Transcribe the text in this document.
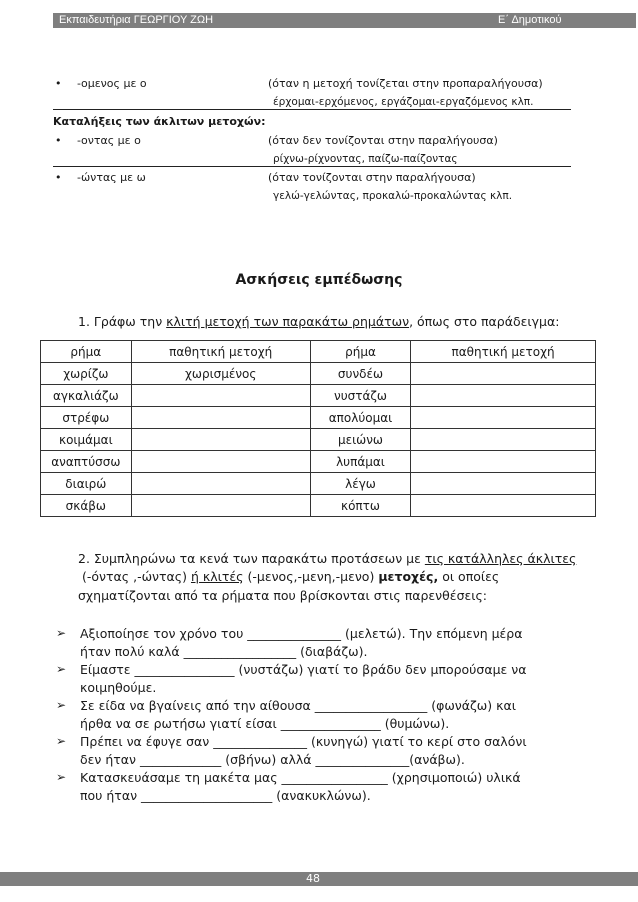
Εκπαιδευτήρια ΓΕΩΡΓΙΟΥ ΖΩΗ	Ε΄ Δημοτικού
• -ομενος με ο	(όταν η μετοχή τονίζεται στην προπαραλήγουσα)
έρχομαι-ερχόμενος, εργάζομαι-εργαζόμενος κλπ.
Καταλήξεις των άκλιτων μετοχών:
• -οντας με ο	(όταν δεν τονίζονται στην παραλήγουσα)
ρίχνω-ρίχνοντας, παίζω-παίζοντας
• -ώντας με ω	(όταν τονίζονται στην παραλήγουσα)
γελώ-γελώντας, προκαλώ-προκαλώντας κλπ.
Ασκήσεις εμπέδωσης
1. Γράφω την κλιτή μετοχή των παρακάτω ρημάτων, όπως στο παράδειγμα:
ρήμα	παθητική μετοχή	ρήμα	παθητική μετοχή
χωρίζω	χωρισμένος	συνδέω	
αγκαλιάζω		νυστάζω	
στρέφω		απολύομαι	
κοιμάμαι		μειώνω	
αναπτύσσω		λυπάμαι	
διαιρώ		λέγω	
σκάβω		κόπτω	
2. Συμπληρώνω τα κενά των παρακάτω προτάσεων με τις κατάλληλες άκλιτες
(-όντας ,-ώντας) ή κλιτές (-μενος,-μενη,-μενο) μετοχές, οι οποίες
σχηματίζονται από τα ρήματα που βρίσκονται στις παρενθέσεις:
➢ Αξιοποίησε τον χρόνο του _______________ (μελετώ). Την επόμενη μέρα
ήταν πολύ καλά __________________ (διαβάζω).
➢ Είμαστε ________________ (νυστάζω) γιατί το βράδυ δεν μπορούσαμε να
κοιμηθούμε.
➢ Σε είδα να βγαίνεις από την αίθουσα __________________ (φωνάζω) και
ήρθα να σε ρωτήσω γιατί είσαι ________________ (θυμώνω).
➢ Πρέπει να έφυγε σαν _______________ (κυνηγώ) γιατί το κερί στο σαλόνι
δεν ήταν _____________ (σβήνω) αλλά _______________(ανάβω).
➢ Κατασκευάσαμε τη μακέτα μας _________________ (χρησιμοποιώ) υλικά
που ήταν _____________________ (ανακυκλώνω).
48
